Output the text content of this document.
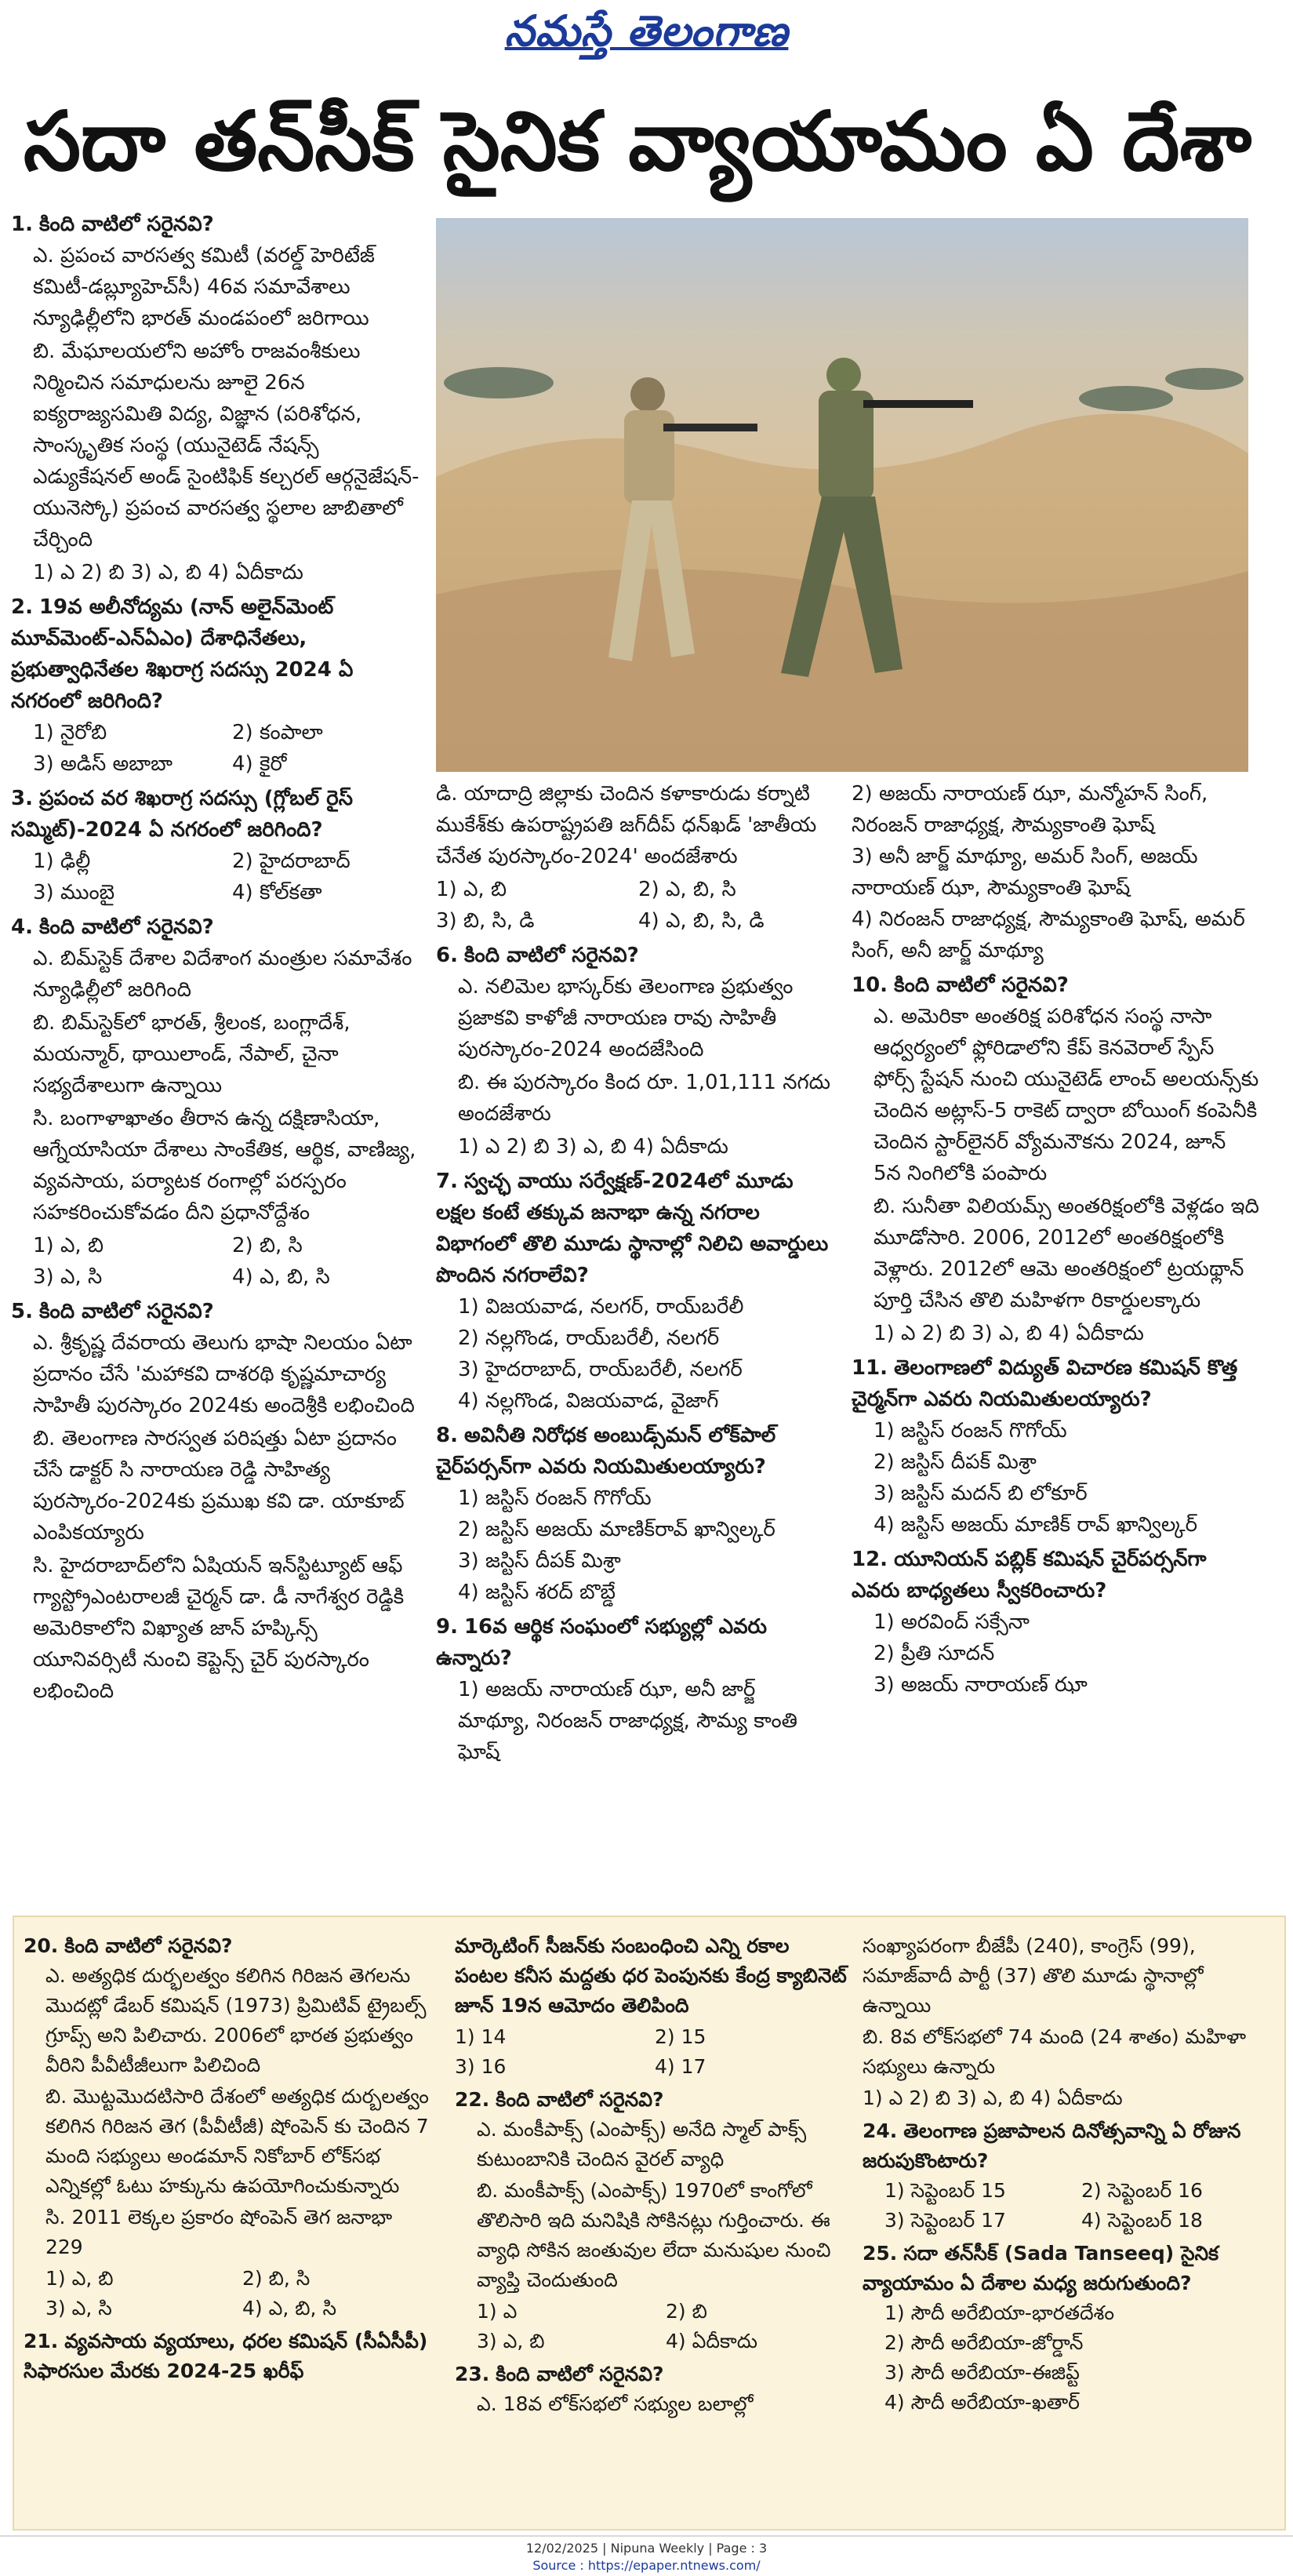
నమస్తే తెలంగాణ
సదా తన్‌సీక్ సైనిక వ్యాయామం ఏ దేశా
1. కింది వాటిలో సరైనవి?

ఎ. ప్రపంచ వారసత్వ కమిటీ (వరల్డ్ హెరిటేజ్ కమిటీ-డబ్ల్యూహెచ్‌సీ) 46వ సమావేశాలు న్యూఢిల్లీలోని భారత్ మండపంలో జరిగాయి

బి. మేఘాలయలోని అహోం రాజవంశీకులు నిర్మించిన సమాధులను జూలై 26న ఐక్యరాజ్యసమితి విద్య, విజ్ఞాన (పరిశోధన, సాంస్కృతిక సంస్థ (యునైటెడ్ నేషన్స్ ఎడ్యుకేషనల్ అండ్ సైంటిఫిక్ కల్చరల్ ఆర్గనైజేషన్-యునెస్కో) ప్రపంచ వారసత్వ స్థలాల జాబితాలో చేర్చింది

1) ఎ 2) బి 3) ఎ, బి 4) ఏదీకాదు
2. 19వ అలీనోద్యమ (నాన్ అలైన్‌మెంట్ మూవ్‌మెంట్-ఎన్‌ఏఎం) దేశాధినేతలు, ప్రభుత్వాధినేతల శిఖరాగ్ర సదస్సు 2024 ఏ నగరంలో జరిగింది?
1) నైరోబి	2) కంపాలా
3) అడిస్ అబాబా	4) కైరో
3. ప్రపంచ వర శిఖరాగ్ర సదస్సు (గ్లోబల్ రైస్ సమ్మిట్)-2024 ఏ నగరంలో జరిగింది?
1) ఢిల్లీ	2) హైదరాబాద్
3) ముంబై	4) కోల్‌కతా
4. కింది వాటిలో సరైనవి?

ఎ. బిమ్‌స్టెక్ దేశాల విదేశాంగ మంత్రుల సమావేశం న్యూఢిల్లీలో జరిగింది

బి. బిమ్‌స్టెక్‌లో భారత్, శ్రీలంక, బంగ్లాదేశ్, మయన్మార్, థాయిలాండ్, నేపాల్, చైనా సభ్యదేశాలుగా ఉన్నాయి

సి. బంగాళాఖాతం తీరాన ఉన్న దక్షిణాసియా, ఆగ్నేయాసియా దేశాలు సాంకేతిక, ఆర్థిక, వాణిజ్య, వ్యవసాయ, పర్యాటక రంగాల్లో పరస్పరం సహకరించుకోవడం దీని ప్రధానోద్దేశం

1) ఎ, బి	2) బి, సి
3) ఎ, సి	4) ఎ, బి, సి
5. కింది వాటిలో సరైనవి?

ఎ. శ్రీకృష్ణ దేవరాయ తెలుగు భాషా నిలయం ఏటా ప్రదానం చేసే 'మహాకవి దాశరథి కృష్ణమాచార్య సాహితీ పురస్కారం 2024కు అందెశ్రీకి లభించింది

బి. తెలంగాణ సారస్వత పరిషత్తు ఏటా ప్రదానం చేసే డాక్టర్ సి నారాయణ రెడ్డి సాహిత్య పురస్కారం-2024కు ప్రముఖ కవి డా. యాకూబ్ ఎంపికయ్యారు

సి. హైదరాబాద్‌లోని ఏషియన్ ఇన్‌స్టిట్యూట్ ఆఫ్ గ్యాస్ట్రోఎంటరాలజీ చైర్మన్ డా. డీ నాగేశ్వర రెడ్డికి అమెరికాలోని విఖ్యాత జాన్ హప్కిన్స్ యూనివర్సిటీ నుంచి కెప్టెన్స్ చైర్ పురస్కారం లభించింది

డి. యాదాద్రి జిల్లాకు చెందిన కళాకారుడు కర్నాటి ముకేశ్‌కు ఉపరాష్ట్రపతి జగ్‌దీప్ ధన్‌ఖడ్ 'జాతీయ చేనేత పురస్కారం-2024' అందజేశారు

1) ఎ, బి	2) ఎ, బి, సి
3) బి, సి, డి	4) ఎ, బి, సి, డి
6. కింది వాటిలో సరైనవి?

ఎ. నలిమెల భాస్కర్‌కు తెలంగాణ ప్రభుత్వం ప్రజాకవి కాళోజీ నారాయణ రావు సాహితీ పురస్కారం-2024 అందజేసింది

బి. ఈ పురస్కారం కింద రూ. 1,01,111 నగదు అందజేశారు

1) ఎ 2) బి 3) ఎ, బి 4) ఏదీకాదు
7. స్వచ్ఛ వాయు సర్వేక్షణ్-2024లో మూడు లక్షల కంటే తక్కువ జనాభా ఉన్న నగరాల విభాగంలో తొలి మూడు స్థానాల్లో నిలిచి అవార్డులు పొందిన నగరాలేవి?
1) విజయవాడ, నలగర్, రాయ్‌బరేలీ
2) నల్లగొండ, రాయ్‌బరేలీ, నలగర్
3) హైదరాబాద్, రాయ్‌బరేలీ, నలగర్
4) నల్లగొండ, విజయవాడ, వైజాగ్
8. అవినీతి నిరోధక అంబుడ్స్‌మన్ లోక్‌పాల్ చైర్‌పర్సన్‌గా ఎవరు నియమితులయ్యారు?
1) జస్టిస్ రంజన్ గొగోయ్
2) జస్టిస్ అజయ్ మాణిక్‌రావ్ ఖాన్విల్కర్
3) జస్టిస్ దీపక్ మిశ్రా
4) జస్టిస్ శరద్ బొబ్డే
9. 16వ ఆర్థిక సంఘంలో సభ్యుల్లో ఎవరు ఉన్నారు?
1) అజయ్ నారాయణ్ ఝా, అనీ జార్జ్ మాథ్యూ, నిరంజన్ రాజాధ్యక్ష, సౌమ్య కాంతి ఘోష్
2) అజయ్ నారాయణ్ ఝా, మన్మోహన్ సింగ్, నిరంజన్ రాజాధ్యక్ష, సౌమ్యకాంతి ఘోష్
3) అనీ జార్జ్ మాథ్యూ, అమర్ సింగ్, అజయ్ నారాయణ్ ఝా, సౌమ్యకాంతి ఘోష్
4) నిరంజన్ రాజాధ్యక్ష, సౌమ్యకాంతి ఘోష్, అమర్ సింగ్, అనీ జార్జ్ మాథ్యూ
10. కింది వాటిలో సరైనవి?

ఎ. అమెరికా అంతరిక్ష పరిశోధన సంస్థ నాసా ఆధ్వర్యంలో ఫ్లోరిడాలోని కేప్ కెనవెరాల్ స్పేస్ ఫోర్స్ స్టేషన్ నుంచి యునైటెడ్ లాంచ్ అలయన్స్‌కు చెందిన అట్లాస్-5 రాకెట్ ద్వారా బోయింగ్ కంపెనీకి చెందిన స్టార్‌లైనర్ వ్యోమనౌకను 2024, జూన్ 5న నింగిలోకి పంపారు

బి. సునీతా విలియమ్స్ అంతరిక్షంలోకి వెళ్లడం ఇది మూడోసారి. 2006, 2012లో అంతరిక్షంలోకి వెళ్లారు. 2012లో ఆమె అంతరిక్షంలో ట్రయథ్లాన్ పూర్తి చేసిన తొలి మహిళగా రికార్డులక్కారు

1) ఎ 2) బి 3) ఎ, బి 4) ఏదీకాదు
11. తెలంగాణలో విద్యుత్ విచారణ కమిషన్ కొత్త చైర్మన్‌గా ఎవరు నియమితులయ్యారు?
1) జస్టిస్ రంజన్ గొగోయ్
2) జస్టిస్ దీపక్ మిశ్రా
3) జస్టిస్ మదన్ బి లోకూర్
4) జస్టిస్ అజయ్ మాణిక్ రావ్ ఖాన్విల్కర్
12. యూనియన్ పబ్లిక్ కమిషన్ చైర్‌పర్సన్‌గా ఎవరు బాధ్యతలు స్వీకరించారు?
1) అరవింద్ సక్సేనా
2) ప్రీతి సూదన్
3) అజయ్ నారాయణ్ ఝా
20. కింది వాటిలో సరైనవి?

ఎ. అత్యధిక దుర్భలత్వం కలిగిన గిరిజన తెగలను మొదట్లో డేబర్ కమిషన్ (1973) ప్రిమిటివ్ ట్రైబల్స్ గ్రూప్స్ అని పిలిచారు. 2006లో భారత ప్రభుత్వం వీరిని పీవీటీజీలుగా పిలిచింది

బి. మొట్టమొదటిసారి దేశంలో అత్యధిక దుర్బలత్వం కలిగిన గిరిజన తెగ (పీవీటీజీ) షోంపెన్ కు చెందిన 7 మంది సభ్యులు అండమాన్ నికోబార్ లోక్‌సభ ఎన్నికల్లో ఓటు హక్కును ఉపయోగించుకున్నారు

సి. 2011 లెక్కల ప్రకారం షోంపెన్ తెగ జనాభా 229

1) ఎ, బి	2) బి, సి
3) ఎ, సి	4) ఎ, బి, సి
21. వ్యవసాయ వ్యయాలు, ధరల కమిషన్ (సీఏసీపీ) సిఫారసుల మేరకు 2024-25 ఖరీఫ్

మార్కెటింగ్ సీజన్‌కు సంబంధించి ఎన్ని రకాల పంటల కనీస మద్దతు ధర పెంపునకు కేంద్ర క్యాబినెట్ జూన్ 19న ఆమోదం తెలిపింది

1) 14	2) 15
3) 16	4) 17
22. కింది వాటిలో సరైనవి?

ఎ. మంకీపాక్స్ (ఎంపాక్స్) అనేది స్మాల్ పాక్స్ కుటుంబానికి చెందిన వైరల్ వ్యాధి

బి. మంకీపాక్స్ (ఎంపాక్స్) 1970లో కాంగోలో తొలిసారి ఇది మనిషికి సోకినట్లు గుర్తించారు. ఈ వ్యాధి సోకిన జంతువుల లేదా మనుషుల నుంచి వ్యాప్తి చెందుతుంది

1) ఎ	2) బి
3) ఎ, బి	4) ఏదీకాదు
23. కింది వాటిలో సరైనవి?

ఎ. 18వ లోక్‌సభలో సభ్యుల బలాల్లో

సంఖ్యాపరంగా బీజేపీ (240), కాంగ్రెస్ (99), సమాజ్‌వాదీ పార్టీ (37) తొలి మూడు స్థానాల్లో ఉన్నాయి

బి. 8వ లోక్‌సభలో 74 మంది (24 శాతం) మహిళా సభ్యులు ఉన్నారు

1) ఎ 2) బి 3) ఎ, బి 4) ఏదీకాదు
24. తెలంగాణ ప్రజాపాలన దినోత్సవాన్ని ఏ రోజున జరుపుకొంటారు?
1) సెప్టెంబర్ 15	2) సెప్టెంబర్ 16
3) సెప్టెంబర్ 17	4) సెప్టెంబర్ 18
25. సదా తన్‌సీక్ (Sada Tanseeq) సైనిక వ్యాయామం ఏ దేశాల మధ్య జరుగుతుంది?
1) సౌదీ అరేబియా-భారతదేశం
2) సౌదీ అరేబియా-జోర్డాన్
3) సౌదీ అరేబియా-ఈజిప్ట్
4) సౌదీ అరేబియా-ఖతార్
12/02/2025 | Nipuna Weekly | Page : 3
Source : https://epaper.ntnews.com/
